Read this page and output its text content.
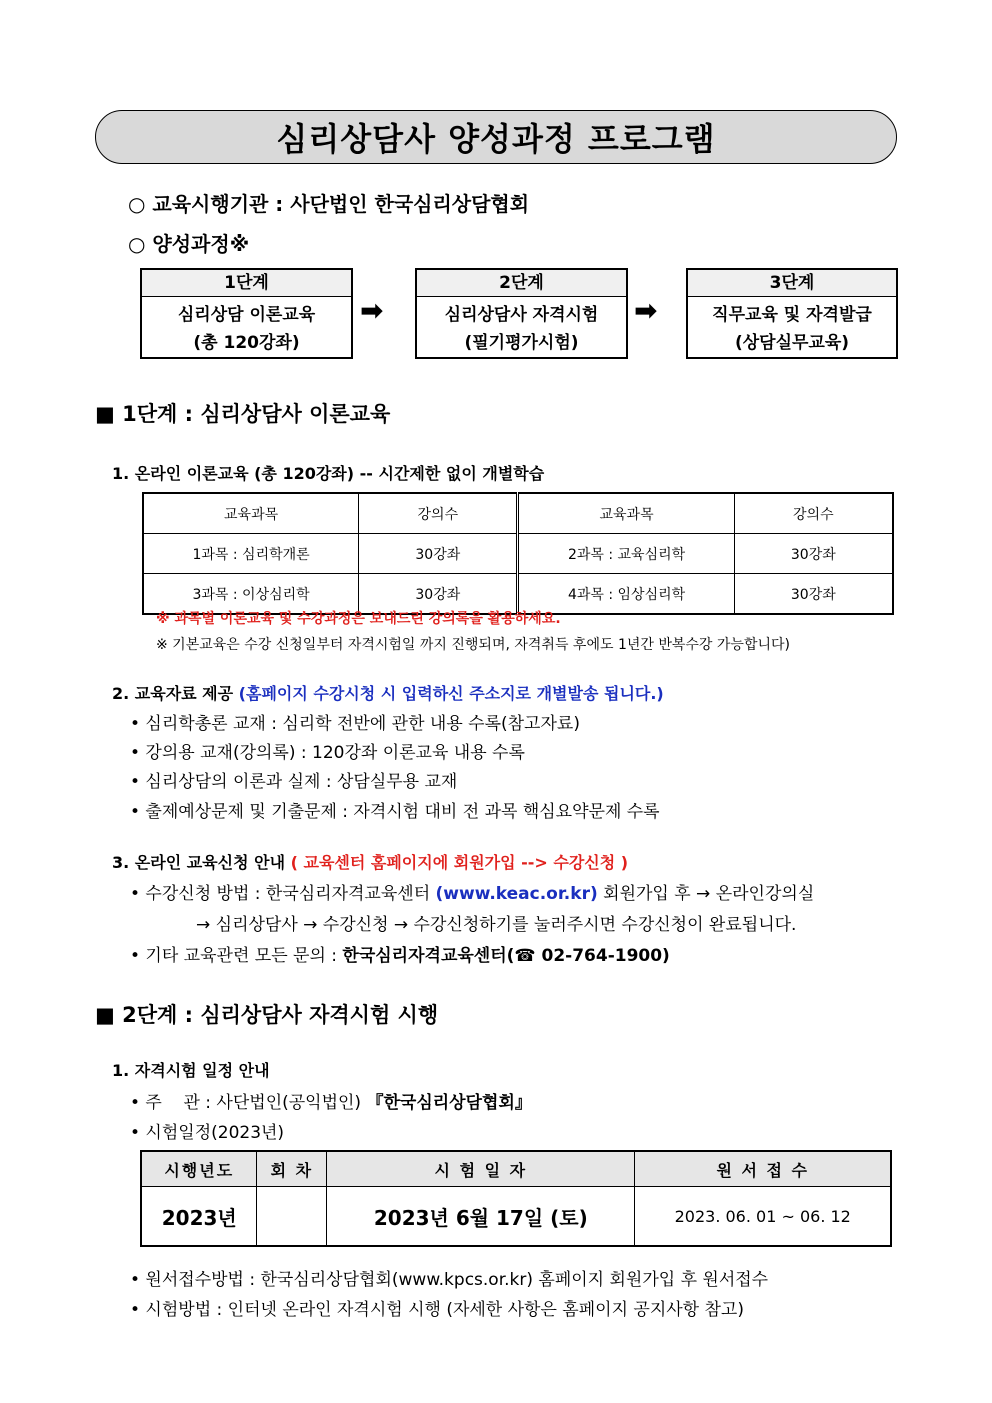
심리상담사 양성과정 프로그램
○ 교육시행기관 : 사단법인 한국심리상담협회
○ 양성과정※
1단계
심리상담 이론교육
(총 120강좌)
➡
2단계
심리상담사 자격시험
(필기평가시험)
➡
3단계
직무교육 및 자격발급
(상담실무교육)
■ 1단계 : 심리상담사 이론교육
1. 온라인 이론교육 (총 120강좌) -- 시간제한 없이 개별학습
교육과목	강의수	교육과목	강의수
1과목 : 심리학개론	30강좌	2과목 : 교육심리학	30강좌
3과목 : 이상심리학	30강좌	4과목 : 임상심리학	30강좌
※ 과목별 이론교육 및 수강과정은 보내드린 강의록을 활용하세요.
※ 기본교육은 수강 신청일부터 자격시험일 까지 진행되며, 자격취득 후에도 1년간 반복수강 가능합니다)
2. 교육자료 제공 (홈페이지 수강시청 시 입력하신 주소지로 개별발송 됩니다.)
• 심리학총론 교재 : 심리학 전반에 관한 내용 수록(참고자료)
• 강의용 교재(강의록) : 120강좌 이론교육 내용 수록
• 심리상담의 이론과 실제 : 상담실무용 교재
• 출제예상문제 및 기출문제 : 자격시험 대비 전 과목 핵심요약문제 수록
3. 온라인 교육신청 안내 ( 교육센터 홈페이지에 회원가입 --> 수강신청 )
• 수강신청 방법 : 한국심리자격교육센터 (www.keac.or.kr) 회원가입 후 → 온라인강의실
→ 심리상담사 → 수강신청 → 수강신청하기를 눌러주시면 수강신청이 완료됩니다.
• 기타 교육관련 모든 문의 : 한국심리자격교육센터(☎ 02-764-1900)
■ 2단계 : 심리상담사 자격시험 시행
1. 자격시험 일정 안내
• 주    관 : 사단법인(공익법인) 『한국심리상담협회』
• 시험일정(2023년)
시행년도	회 차	시 험 일 자	원 서 접 수
2023년		2023년 6월 17일 (토)	2023. 06. 01 ~ 06. 12
• 원서접수방법 : 한국심리상담협회(www.kpcs.or.kr) 홈페이지 회원가입 후 원서접수
• 시험방법 : 인터넷 온라인 자격시험 시행 (자세한 사항은 홈페이지 공지사항 참고)
